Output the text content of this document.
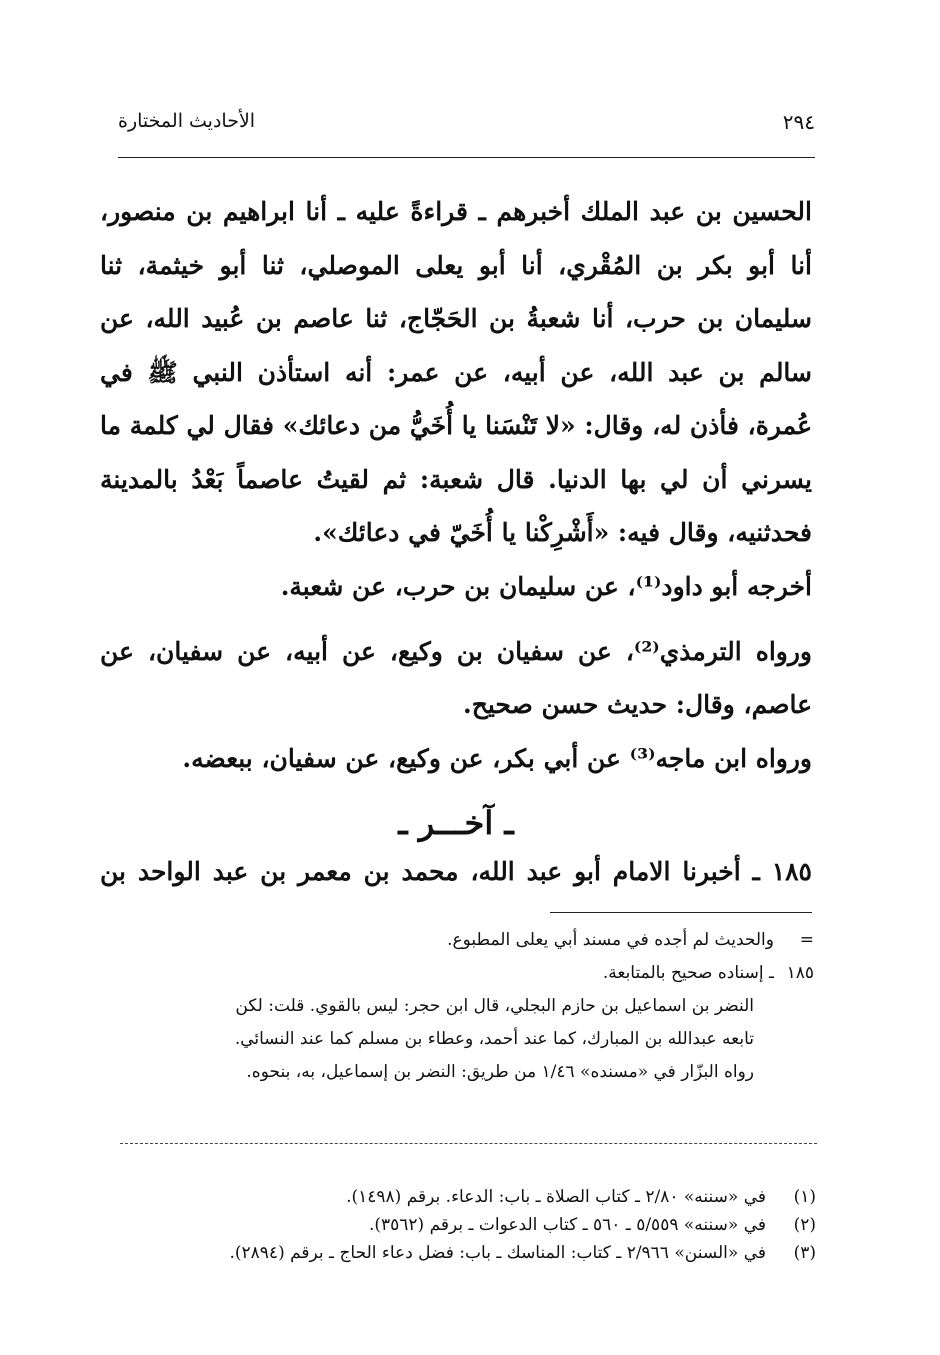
٢٩٤
الأحاديث المختارة

الحسين بن عبد الملك أخبرهم ـ قراءةً عليه ـ أنا ابراهيم بن منصور، أنا أبو بكر بن المُقْري، أنا أبو يعلى الموصلي، ثنا أبو خيثمة، ثنا سليمان بن حرب، أنا شعبةُ بن الحَجّاج، ثنا عاصم بن عُبيد الله، عن سالم بن عبد الله، عن أبيه، عن عمر: أنه استأذن النبي ﷺ في عُمرة، فأذن له، وقال: «لا تَنْسَنا يا أُخَيُّ من دعائك» فقال لي كلمة ما يسرني أن لي بها الدنيا. قال شعبة: ثم لقيتُ عاصماً بَعْدُ بالمدينة فحدثنيه، وقال فيه: «أَشْرِكْنا يا أُخَيّ في دعائك».

أخرجه أبو داود⁽¹⁾، عن سليمان بن حرب، عن شعبة.
ورواه الترمذي⁽²⁾، عن سفيان بن وكيع، عن أبيه، عن سفيان، عن عاصم، وقال: حديث حسن صحيح.
ورواه ابن ماجه⁽³⁾ عن أبي بكر، عن وكيع، عن سفيان، ببعضه.
ـ آخـــر ـ
١٨٥ ـ أخبرنا الامام أبو عبد الله، محمد بن معمر بن عبد الواحد بن
=
والحديث لم أجده في مسند أبي يعلى المطبوع.
١٨٥
ـ إسناده صحيح بالمتابعة.
النضر بن اسماعيل بن حازم البجلي، قال ابن حجر: ليس بالقوي. قلت: لكن
تابعه عبدالله بن المبارك، كما عند أحمد، وعطاء بن مسلم كما عند النسائي.
رواه البزّار في «مسنده» ١/٤٦ من طريق: النضر بن إسماعيل، به، بنحوه.
(١)
في «سننه» ٢/٨٠ ـ كتاب الصلاة ـ باب: الدعاء. برقم (١٤٩٨).
(٢)
في «سننه» ٥/٥٥٩ ـ ٥٦٠ ـ كتاب الدعوات ـ برقم (٣٥٦٢).
(٣)
في «السنن» ٢/٩٦٦ ـ كتاب: المناسك ـ باب: فضل دعاء الحاج ـ برقم (٢٨٩٤).
